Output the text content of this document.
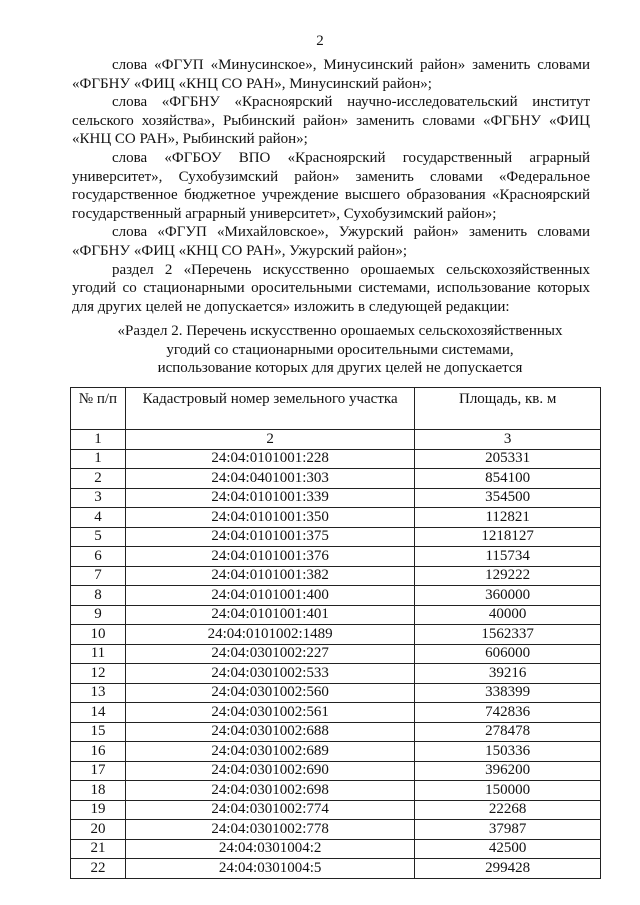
2

слова «ФГУП «Минусинское», Минусинский район» заменить словами «ФГБНУ «ФИЦ «КНЦ СО РАН», Минусинский район»;

слова «ФГБНУ «Красноярский научно-исследовательский институт сельского хозяйства», Рыбинский район» заменить словами «ФГБНУ «ФИЦ «КНЦ СО РАН», Рыбинский район»;

слова «ФГБОУ ВПО «Красноярский государственный аграрный университет», Сухобузимский район» заменить словами «Федеральное государственное бюджетное учреждение высшего образования «Красноярский государственный аграрный университет», Сухобузимский район»;

слова «ФГУП «Михайловское», Ужурский район» заменить словами «ФГБНУ «ФИЦ «КНЦ СО РАН», Ужурский район»;

раздел 2 «Перечень искусственно орошаемых сельскохозяйственных угодий со стационарными оросительными системами, использование которых для других целей не допускается» изложить в следующей редакции:

«Раздел 2. Перечень искусственно орошаемых сельскохозяйственных
угодий со стационарными оросительными системами,
использование которых для других целей не допускается
№ п/п	Кадастровый номер земельного участка	Площадь, кв. м
1	2	3
1	24:04:0101001:228	205331
2	24:04:0401001:303	854100
3	24:04:0101001:339	354500
4	24:04:0101001:350	112821
5	24:04:0101001:375	1218127
6	24:04:0101001:376	115734
7	24:04:0101001:382	129222
8	24:04:0101001:400	360000
9	24:04:0101001:401	40000
10	24:04:0101002:1489	1562337
11	24:04:0301002:227	606000
12	24:04:0301002:533	39216
13	24:04:0301002:560	338399
14	24:04:0301002:561	742836
15	24:04:0301002:688	278478
16	24:04:0301002:689	150336
17	24:04:0301002:690	396200
18	24:04:0301002:698	150000
19	24:04:0301002:774	22268
20	24:04:0301002:778	37987
21	24:04:0301004:2	42500
22	24:04:0301004:5	299428
